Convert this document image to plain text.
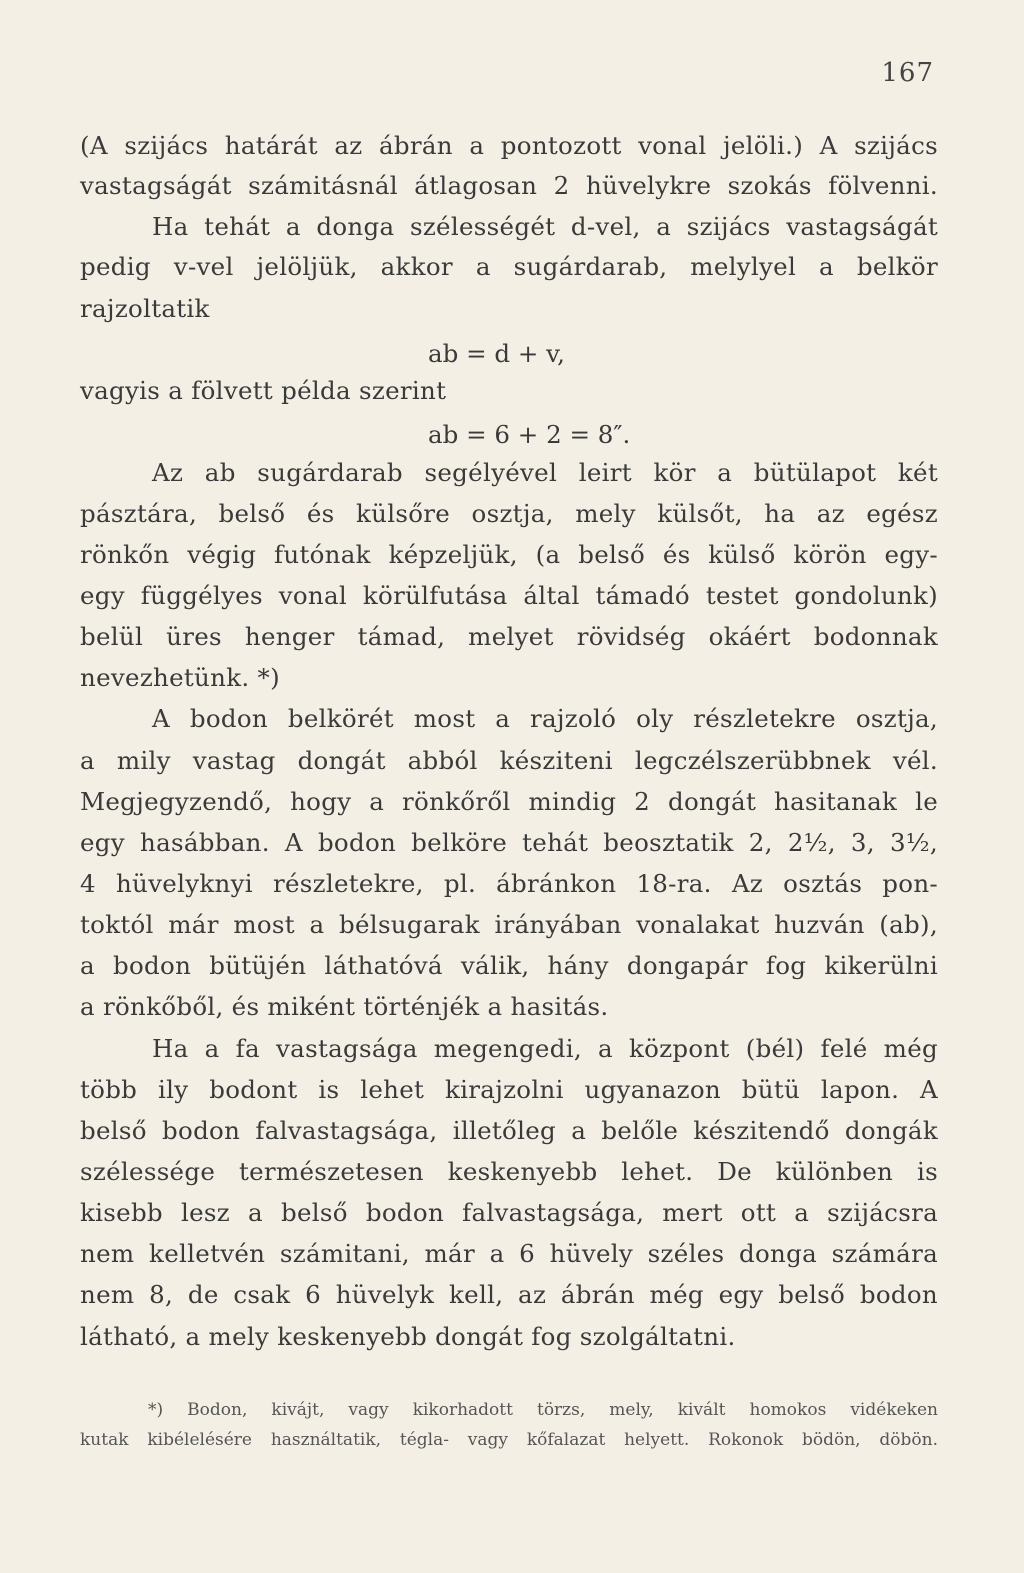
167
(A szijács határát az ábrán a pontozott vonal jelöli.) A szijács
vastagságát számitásnál átlagosan 2 hüvelykre szokás fölvenni.
Ha tehát a donga szélességét d-vel, a szijács vastagságát
pedig v-vel jelöljük, akkor a sugárdarab, melylyel a belkör
rajzoltatik
ab = d + v,
vagyis a fölvett példa szerint
ab = 6 + 2 = 8″.
Az ab sugárdarab segélyével leirt kör a bütülapot két
pásztára, belső és külsőre osztja, mely külsőt, ha az egész
rönkőn végig futónak képzeljük, (a belső és külső körön egy-
egy függélyes vonal körülfutása által támadó testet gondolunk)
belül üres henger támad, melyet rövidség okáért bodonnak
nevezhetünk. *)
A bodon belkörét most a rajzoló oly részletekre osztja,
a mily vastag dongát abból késziteni legczélszerübbnek vél.
Megjegyzendő, hogy a rönkőről mindig 2 dongát hasitanak le
egy hasábban. A bodon belköre tehát beosztatik 2, 2½, 3, 3½,
4 hüvelyknyi részletekre, pl. ábránkon 18-ra. Az osztás pon-
toktól már most a bélsugarak irányában vonalakat huzván (ab),
a bodon bütüjén láthatóvá válik, hány dongapár fog kikerülni
a rönkőből, és miként történjék a hasitás.
Ha a fa vastagsága megengedi, a központ (bél) felé még
több ily bodont is lehet kirajzolni ugyanazon bütü lapon. A
belső bodon falvastagsága, illetőleg a belőle készitendő dongák
szélessége természetesen keskenyebb lehet. De különben is
kisebb lesz a belső bodon falvastagsága, mert ott a szijácsra
nem kelletvén számitani, már a 6 hüvely széles donga számára
nem 8, de csak 6 hüvelyk kell, az ábrán még egy belső bodon
látható, a mely keskenyebb dongát fog szolgáltatni.
*) Bodon, kivájt, vagy kikorhadott törzs, mely, kivált homokos vidékeken
kutak kibélelésére használtatik, tégla- vagy kőfalazat helyett. Rokonok bödön, döbön.
